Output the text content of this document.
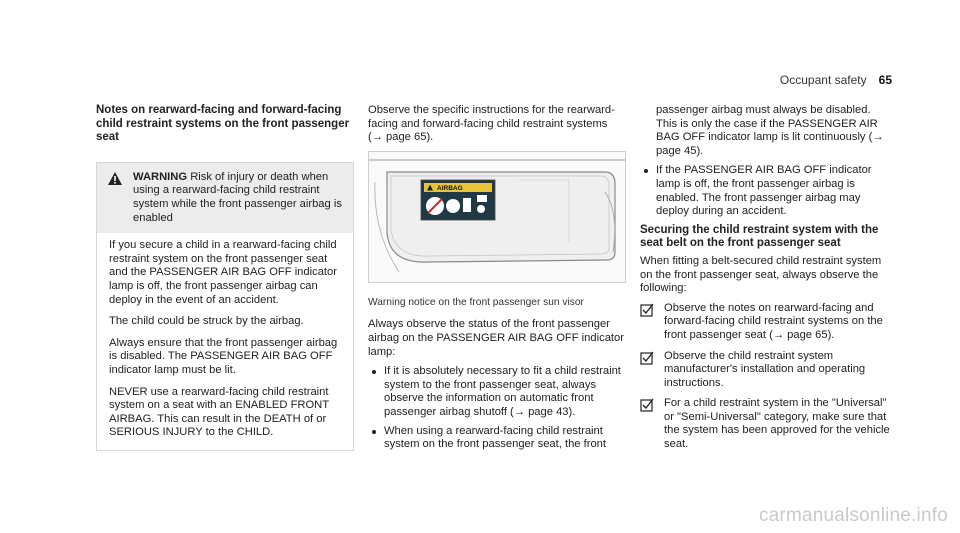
Occupant safety 65
Notes on rearward-facing and forward-facing child restraint systems on the front passenger seat
WARNING Risk of injury or death when using a rearward-facing child restraint system while the front passenger airbag is enabled

If you secure a child in a rearward-facing child restraint system on the front passenger seat and the PASSENGER AIR BAG OFF indicator lamp is off, the front passenger airbag can deploy in the event of an accident.

The child could be struck by the airbag.

Always ensure that the front passenger airbag is disabled. The PASSENGER AIR BAG OFF indicator lamp must be lit.

NEVER use a rearward-facing child restraint system on a seat with an ENABLED FRONT AIRBAG. This can result in the DEATH of or SERIOUS INJURY to the CHILD.

Observe the specific instructions for the rearward-facing and forward-facing child restraint systems (→ page 65).

AIRBAG
Warning notice on the front passenger sun visor

Always observe the status of the front passenger airbag on the PASSENGER AIR BAG OFF indicator lamp:

If it is absolutely necessary to fit a child restraint system to the front passenger seat, always observe the information on automatic front passenger airbag shutoff (→ page 43).
When using a rearward-facing child restraint system on the front passenger seat, the front

passenger airbag must always be disabled. This is only the case if the PASSENGER AIR BAG OFF indicator lamp is lit continuously (→ page 45).

If the PASSENGER AIR BAG OFF indicator lamp is off, the front passenger airbag is enabled. The front passenger airbag may deploy during an accident.
Securing the child restraint system with the seat belt on the front passenger seat

When fitting a belt-secured child restraint system on the front passenger seat, always observe the following:

Observe the notes on rearward-facing and forward-facing child restraint systems on the front passenger seat (→ page 65).
Observe the child restraint system manufacturer's installation and operating instructions.
For a child restraint system in the "Universal" or "Semi-Universal" category, make sure that the system has been approved for the vehicle seat.
carmanualsonline.info
